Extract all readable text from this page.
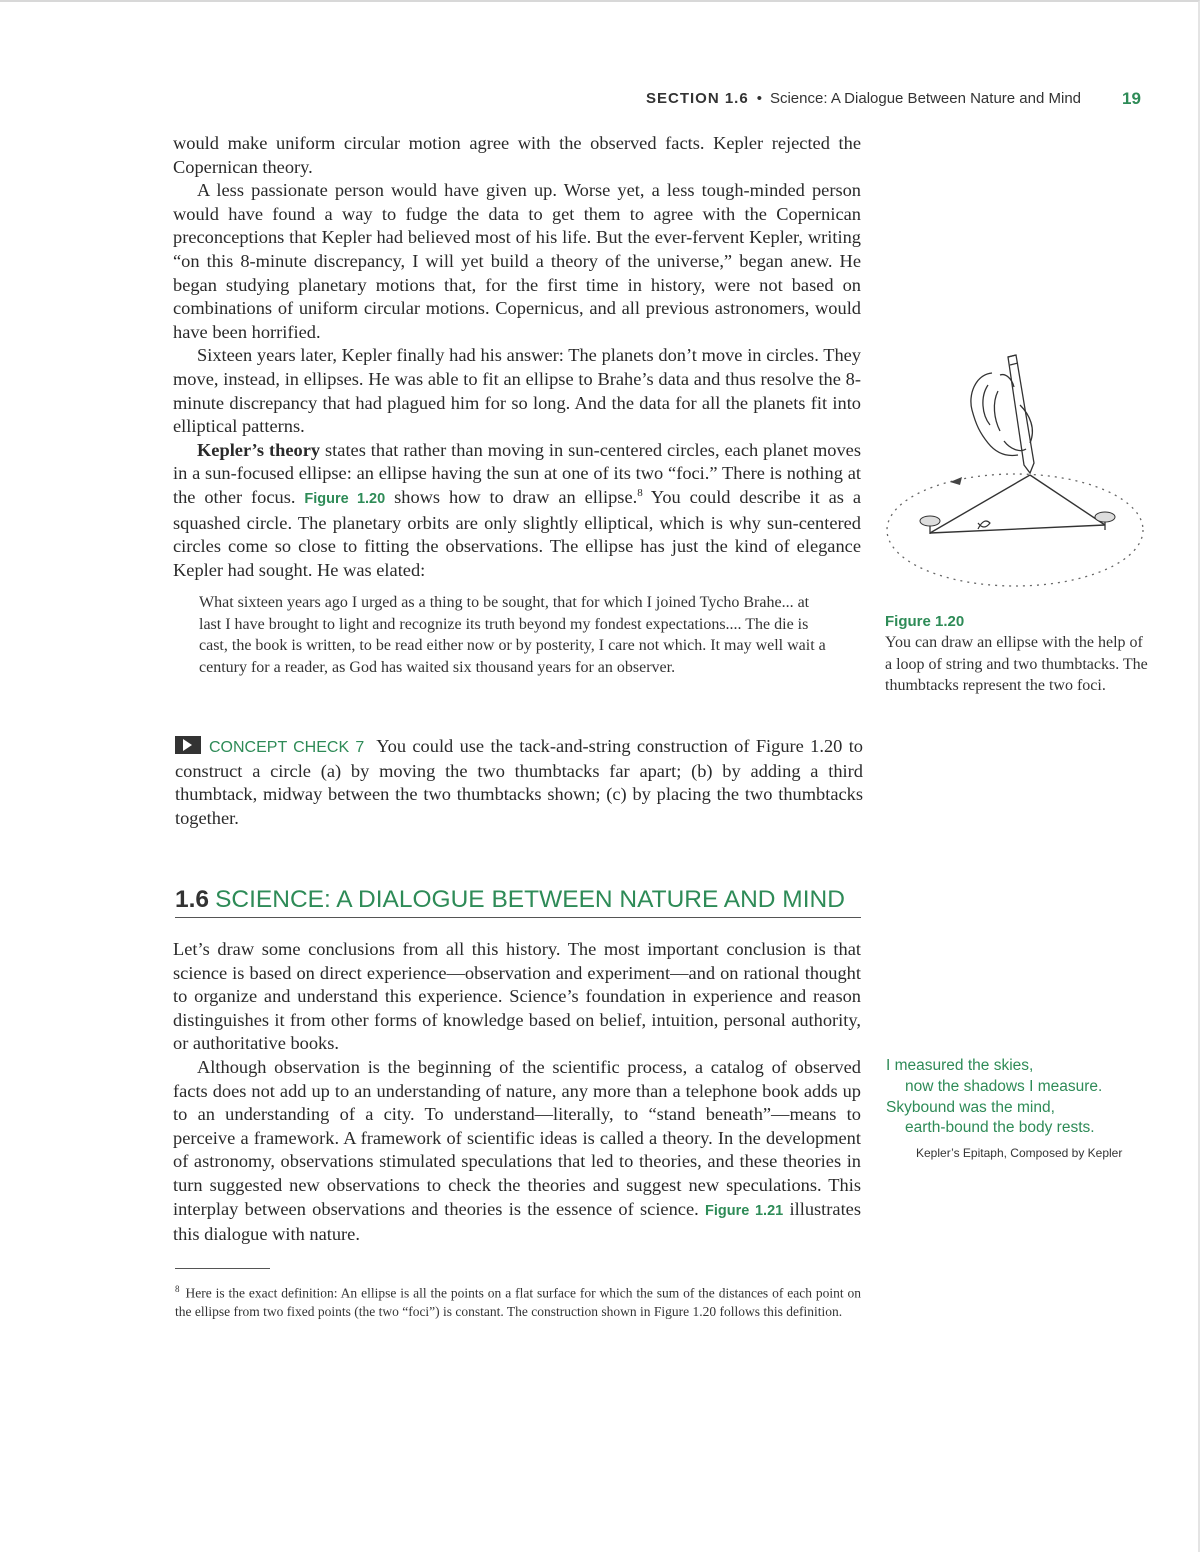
SECTION 1.6 • Science: A Dialogue Between Nature and Mind 19

would make uniform circular motion agree with the observed facts. Kepler rejected the Copernican theory.

A less passionate person would have given up. Worse yet, a less tough-minded person would have found a way to fudge the data to get them to agree with the Copernican preconceptions that Kepler had believed most of his life. But the ever-fervent Kepler, writing “on this 8-minute discrepancy, I will yet build a theory of the universe,” began anew. He began studying planetary motions that, for the first time in history, were not based on combinations of uniform circular motions. Copernicus, and all previous astronomers, would have been horrified.

Sixteen years later, Kepler finally had his answer: The planets don’t move in circles. They move, instead, in ellipses. He was able to fit an ellipse to Brahe’s data and thus resolve the 8-minute discrepancy that had plagued him for so long. And the data for all the planets fit into elliptical patterns.

Kepler’s theory states that rather than moving in sun-centered circles, each planet moves in a sun-focused ellipse: an ellipse having the sun at one of its two “foci.” There is nothing at the other focus. Figure 1.20 shows how to draw an ellipse.$^8$ You could describe it as a squashed circle. The planetary orbits are only slightly elliptical, which is why sun-centered circles come so close to fitting the observations. The ellipse has just the kind of elegance Kepler had sought. He was elated:

What sixteen years ago I urged as a thing to be sought, that for which I joined Tycho Brahe... at last I have brought to light and recognize its truth beyond my fondest expectations.... The die is cast, the book is written, to be read either now or by posterity, I care not which. It may well wait a century for a reader, as God has waited six thousand years for an observer.

CONCEPT CHECK 7 You could use the tack-and-string construction of Figure 1.20 to construct a circle (a) by moving the two thumbtacks far apart; (b) by adding a third thumbtack, midway between the two thumbtacks shown; (c) by placing the two thumbtacks together.
1.6 SCIENCE: A DIALOGUE BETWEEN NATURE AND MIND

Let’s draw some conclusions from all this history. The most important conclusion is that science is based on direct experience—observation and experiment—and on rational thought to organize and understand this experience. Science’s foundation in experience and reason distinguishes it from other forms of knowledge based on belief, intuition, personal authority, or authoritative books.

Although observation is the beginning of the scientific process, a catalog of observed facts does not add up to an understanding of nature, any more than a telephone book adds up to an understanding of a city. To understand—literally, to “stand beneath”—means to perceive a framework. A framework of scientific ideas is called a theory. In the development of astronomy, observations stimulated speculations that led to theories, and these theories in turn suggested new observations to check the theories and suggest new speculations. This interplay between observations and theories is the essence of science. Figure 1.21 illustrates this dialogue with nature.

$^8$ Here is the exact definition: An ellipse is all the points on a flat surface for which the sum of the distances of each point on the ellipse from two fixed points (the two “foci”) is constant. The construction shown in Figure 1.20 follows this definition.

Figure 1.20
You can draw an ellipse with the help of a loop of string and two thumbtacks. The thumbtacks represent the two foci.
I measured the skies,
now the shadows I measure.
Skybound was the mind,
earth-bound the body rests.
Kepler’s Epitaph, Composed by Kepler
